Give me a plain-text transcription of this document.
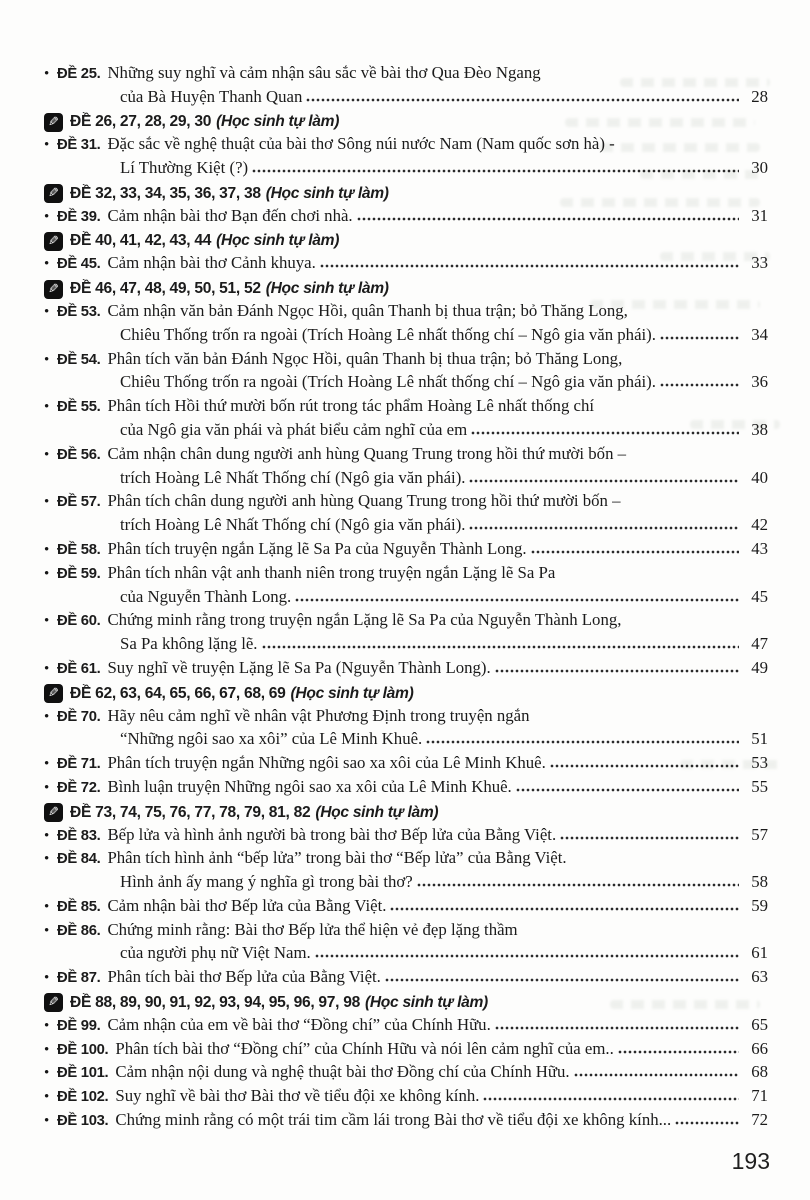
• ĐỀ 25. Những suy nghĩ và cảm nhận sâu sắc về bài thơ Qua Đèo Ngang
của Bà Huyện Thanh Quan	28
✎ ĐỀ 26, 27, 28, 29, 30 (Học sinh tự làm)
• ĐỀ 31. Đặc sắc về nghệ thuật của bài thơ Sông núi nước Nam (Nam quốc sơn hà) -
Lí Thường Kiệt (?)	30
✎ ĐỀ 32, 33, 34, 35, 36, 37, 38 (Học sinh tự làm)
• ĐỀ 39. Cảm nhận bài thơ Bạn đến chơi nhà.	31
✎ ĐỀ 40, 41, 42, 43, 44 (Học sinh tự làm)
• ĐỀ 45. Cảm nhận bài thơ Cảnh khuya.	33
✎ ĐỀ 46, 47, 48, 49, 50, 51, 52 (Học sinh tự làm)
• ĐỀ 53. Cảm nhận văn bản Đánh Ngọc Hồi, quân Thanh bị thua trận; bỏ Thăng Long,
Chiêu Thống trốn ra ngoài (Trích Hoàng Lê nhất thống chí – Ngô gia văn phái).	34
• ĐỀ 54. Phân tích văn bản Đánh Ngọc Hồi, quân Thanh bị thua trận; bỏ Thăng Long,
Chiêu Thống trốn ra ngoài (Trích Hoàng Lê nhất thống chí – Ngô gia văn phái).	36
• ĐỀ 55. Phân tích Hồi thứ mười bốn rút trong tác phẩm Hoàng Lê nhất thống chí
của Ngô gia văn phái và phát biểu cảm nghĩ của em	38
• ĐỀ 56. Cảm nhận chân dung người anh hùng Quang Trung trong hồi thứ mười bốn –
trích Hoàng Lê Nhất Thống chí (Ngô gia văn phái).	40
• ĐỀ 57. Phân tích chân dung người anh hùng Quang Trung trong hồi thứ mười bốn –
trích Hoàng Lê Nhất Thống chí (Ngô gia văn phái).	42
• ĐỀ 58. Phân tích truyện ngắn Lặng lẽ Sa Pa của Nguyễn Thành Long.	43
• ĐỀ 59. Phân tích nhân vật anh thanh niên trong truyện ngắn Lặng lẽ Sa Pa
của Nguyễn Thành Long.	45
• ĐỀ 60. Chứng minh rằng trong truyện ngắn Lặng lẽ Sa Pa của Nguyễn Thành Long,
Sa Pa không lặng lẽ.	47
• ĐỀ 61. Suy nghĩ về truyện Lặng lẽ Sa Pa (Nguyễn Thành Long).	49
✎ ĐỀ 62, 63, 64, 65, 66, 67, 68, 69 (Học sinh tự làm)
• ĐỀ 70. Hãy nêu cảm nghĩ về nhân vật Phương Định trong truyện ngắn
“Những ngôi sao xa xôi” của Lê Minh Khuê.	51
• ĐỀ 71. Phân tích truyện ngắn Những ngôi sao xa xôi của Lê Minh Khuê.	53
• ĐỀ 72. Bình luận truyện Những ngôi sao xa xôi của Lê Minh Khuê.	55
✎ ĐỀ 73, 74, 75, 76, 77, 78, 79, 81, 82 (Học sinh tự làm)
• ĐỀ 83. Bếp lửa và hình ảnh người bà trong bài thơ Bếp lửa của Bằng Việt.	57
• ĐỀ 84. Phân tích hình ảnh “bếp lửa” trong bài thơ “Bếp lửa” của Bằng Việt.
Hình ảnh ấy mang ý nghĩa gì trong bài thơ?	58
• ĐỀ 85. Cảm nhận bài thơ Bếp lửa của Bằng Việt.	59
• ĐỀ 86. Chứng minh rằng: Bài thơ Bếp lửa thể hiện vẻ đẹp lặng thầm
của người phụ nữ Việt Nam.	61
• ĐỀ 87. Phân tích bài thơ Bếp lửa của Bằng Việt.	63
✎ ĐỀ 88, 89, 90, 91, 92, 93, 94, 95, 96, 97, 98 (Học sinh tự làm)
• ĐỀ 99. Cảm nhận của em về bài thơ “Đồng chí” của Chính Hữu.	65
• ĐỀ 100. Phân tích bài thơ “Đồng chí” của Chính Hữu và nói lên cảm nghĩ của em..	66
• ĐỀ 101. Cảm nhận nội dung và nghệ thuật bài thơ Đồng chí của Chính Hữu.	68
• ĐỀ 102. Suy nghĩ về bài thơ Bài thơ về tiểu đội xe không kính.	71
• ĐỀ 103. Chứng minh rằng có một trái tim cầm lái trong Bài thơ về tiểu đội xe không kính...	72
193
